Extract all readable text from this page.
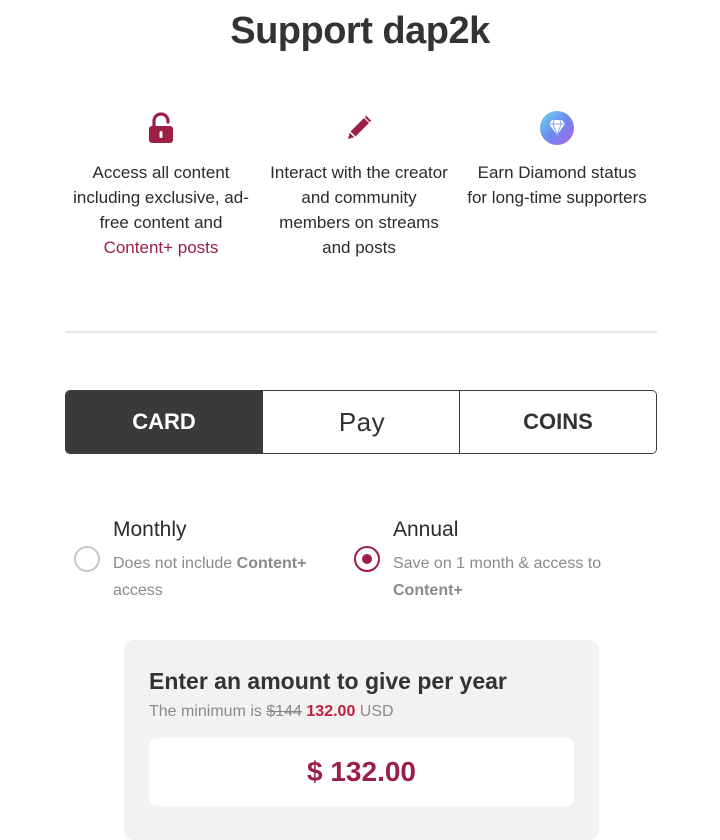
Support dap2k
Access all content including exclusive, ad-free content and Content+ posts
Interact with the creator and community members on streams and posts
Earn Diamond status for long-time supporters
CARD	Pay	COINS
Monthly
Does not include Content+ access
Annual
Save on 1 month & access to Content+
Enter an amount to give per year
The minimum is $144 132.00 USD
$ 132.00
